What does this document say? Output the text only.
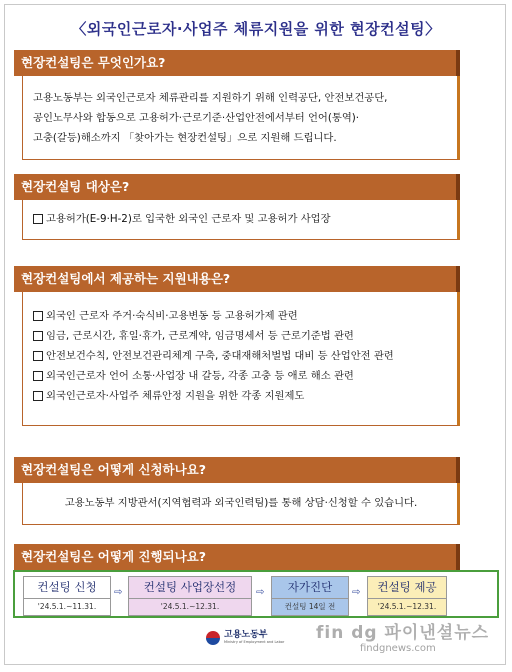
〈외국인근로자·사업주 체류지원을 위한 현장컨설팅〉
현장컨설팅은 무엇인가요?
고용노동부는 외국인근로자 체류관리를 지원하기 위해 인력공단, 안전보건공단,
공인노무사와 합동으로 고용허가·근로기준·산업안전에서부터 언어(통역)·
고충(갈등)해소까지 「찾아가는 현장컨설팅」으로 지원해 드립니다.
현장컨설팅 대상은?
고용허가(E-9·H-2)로 입국한 외국인 근로자 및 고용허가 사업장
현장컨설팅에서 제공하는 지원내용은?
외국인 근로자 주거·숙식비·고용변동 등 고용허가제 관련
임금, 근로시간, 휴일·휴가, 근로계약, 임금명세서 등 근로기준법 관련
안전보건수칙, 안전보건관리체계 구축, 중대재해처벌법 대비 등 산업안전 관련
외국인근로자 언어 소통·사업장 내 갈등, 각종 고충 등 애로 해소 관련
외국인근로자·사업주 체류안정 지원을 위한 각종 지원제도
현장컨설팅은 어떻게 신청하나요?
고용노동부 지방관서(지역협력과 외국인력팀)를 통해 상담·신청할 수 있습니다.
현장컨설팅은 어떻게 진행되나요?
컨설팅 신청
'24.5.1.~11.31.
⇨	컨설팅 사업장선정
'24.5.1.~12.31.
⇨	자가진단
컨설팅 14일 전
⇨	컨설팅 제공
'24.5.1.~12.31.
고용노동부
Ministry of Employment and Labor fin dg 파이낸셜뉴스
findgnews.com
